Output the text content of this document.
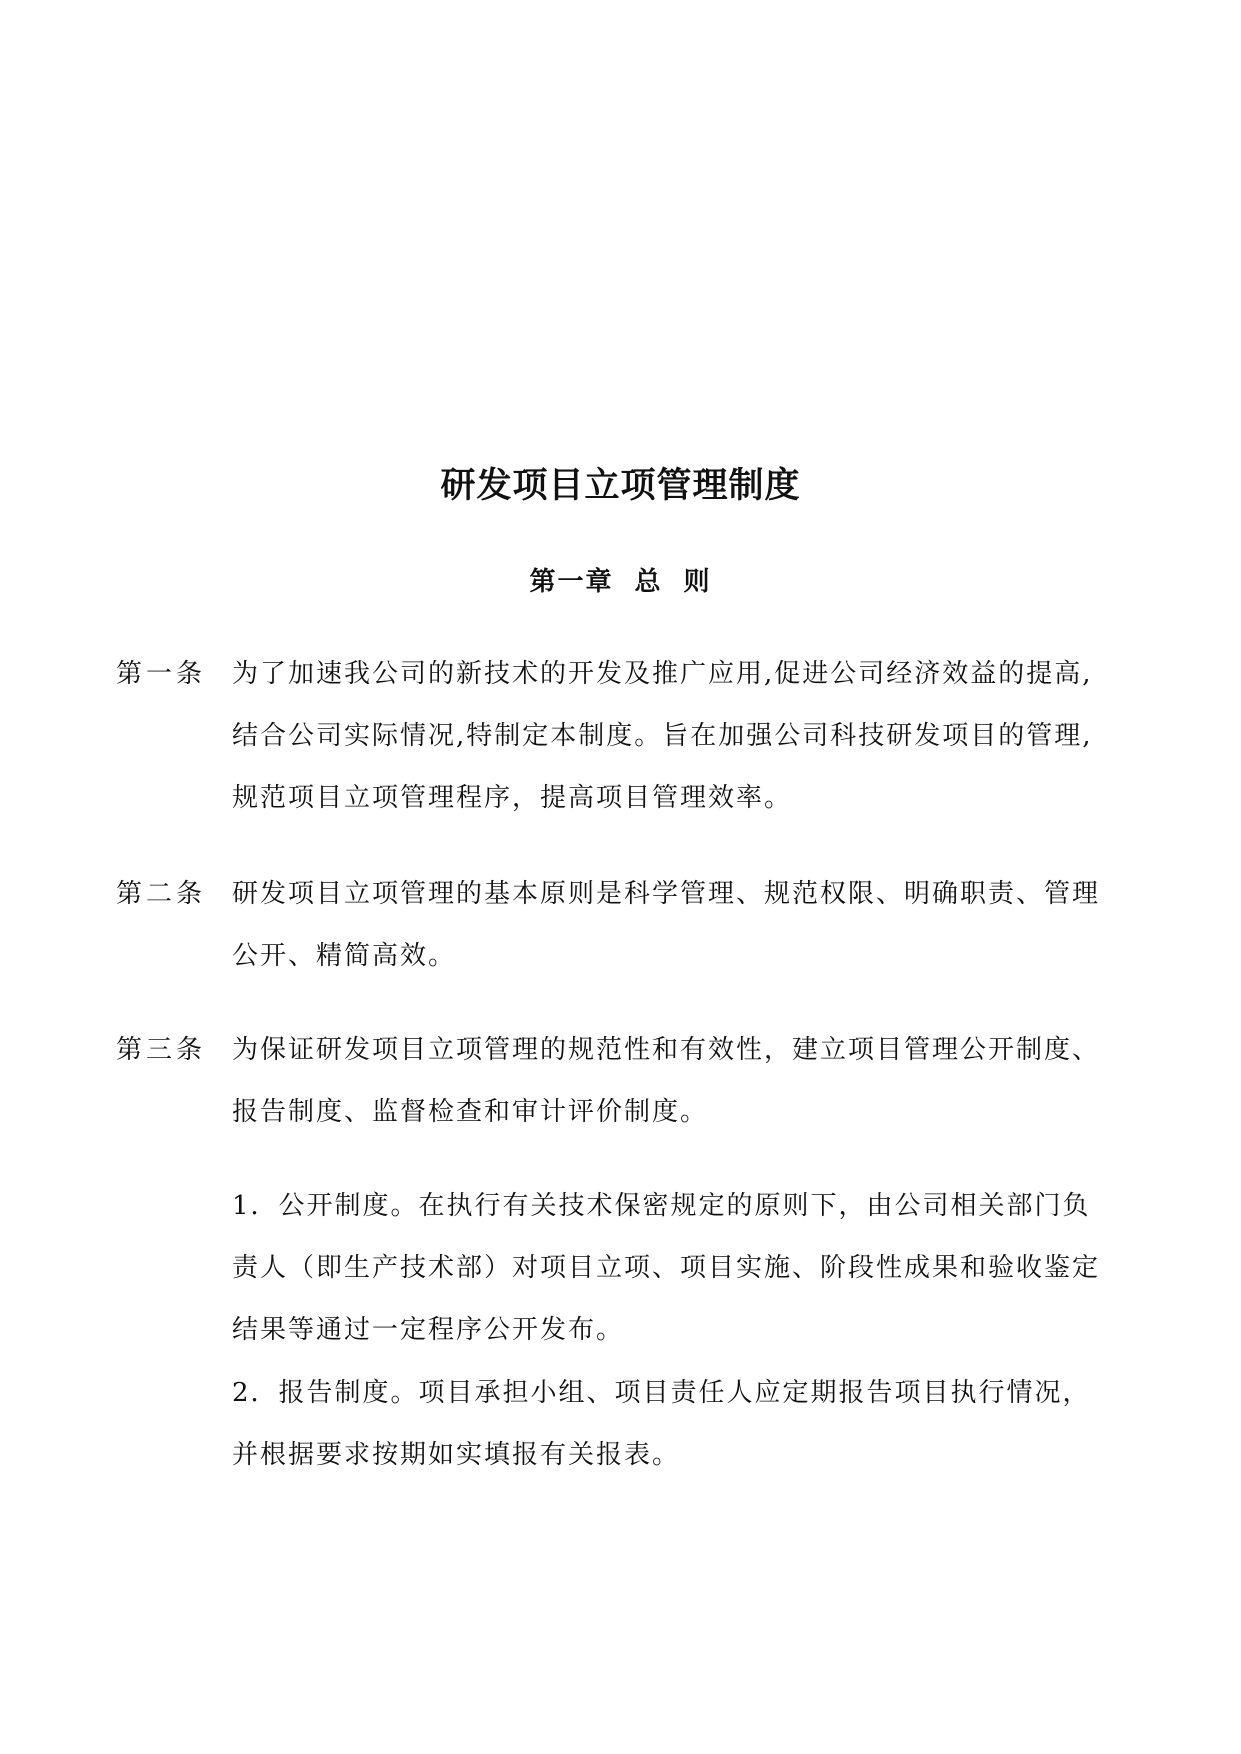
研发项目立项管理制度
第一章 总 则
第一条 为了加速我公司的新技术的开发及推广应用,促进公司经济效益的提高,
结合公司实际情况,特制定本制度。旨在加强公司科技研发项目的管理,
规范项目立项管理程序，提高项目管理效率。
第二条 研发项目立项管理的基本原则是科学管理、规范权限、明确职责、管理
公开、精简高效。
第三条 为保证研发项目立项管理的规范性和有效性，建立项目管理公开制度、
报告制度、监督检查和审计评价制度。
1．公开制度。在执行有关技术保密规定的原则下，由公司相关部门负
责人（即生产技术部）对项目立项、项目实施、阶段性成果和验收鉴定
结果等通过一定程序公开发布。
2．报告制度。项目承担小组、项目责任人应定期报告项目执行情况，
并根据要求按期如实填报有关报表。
